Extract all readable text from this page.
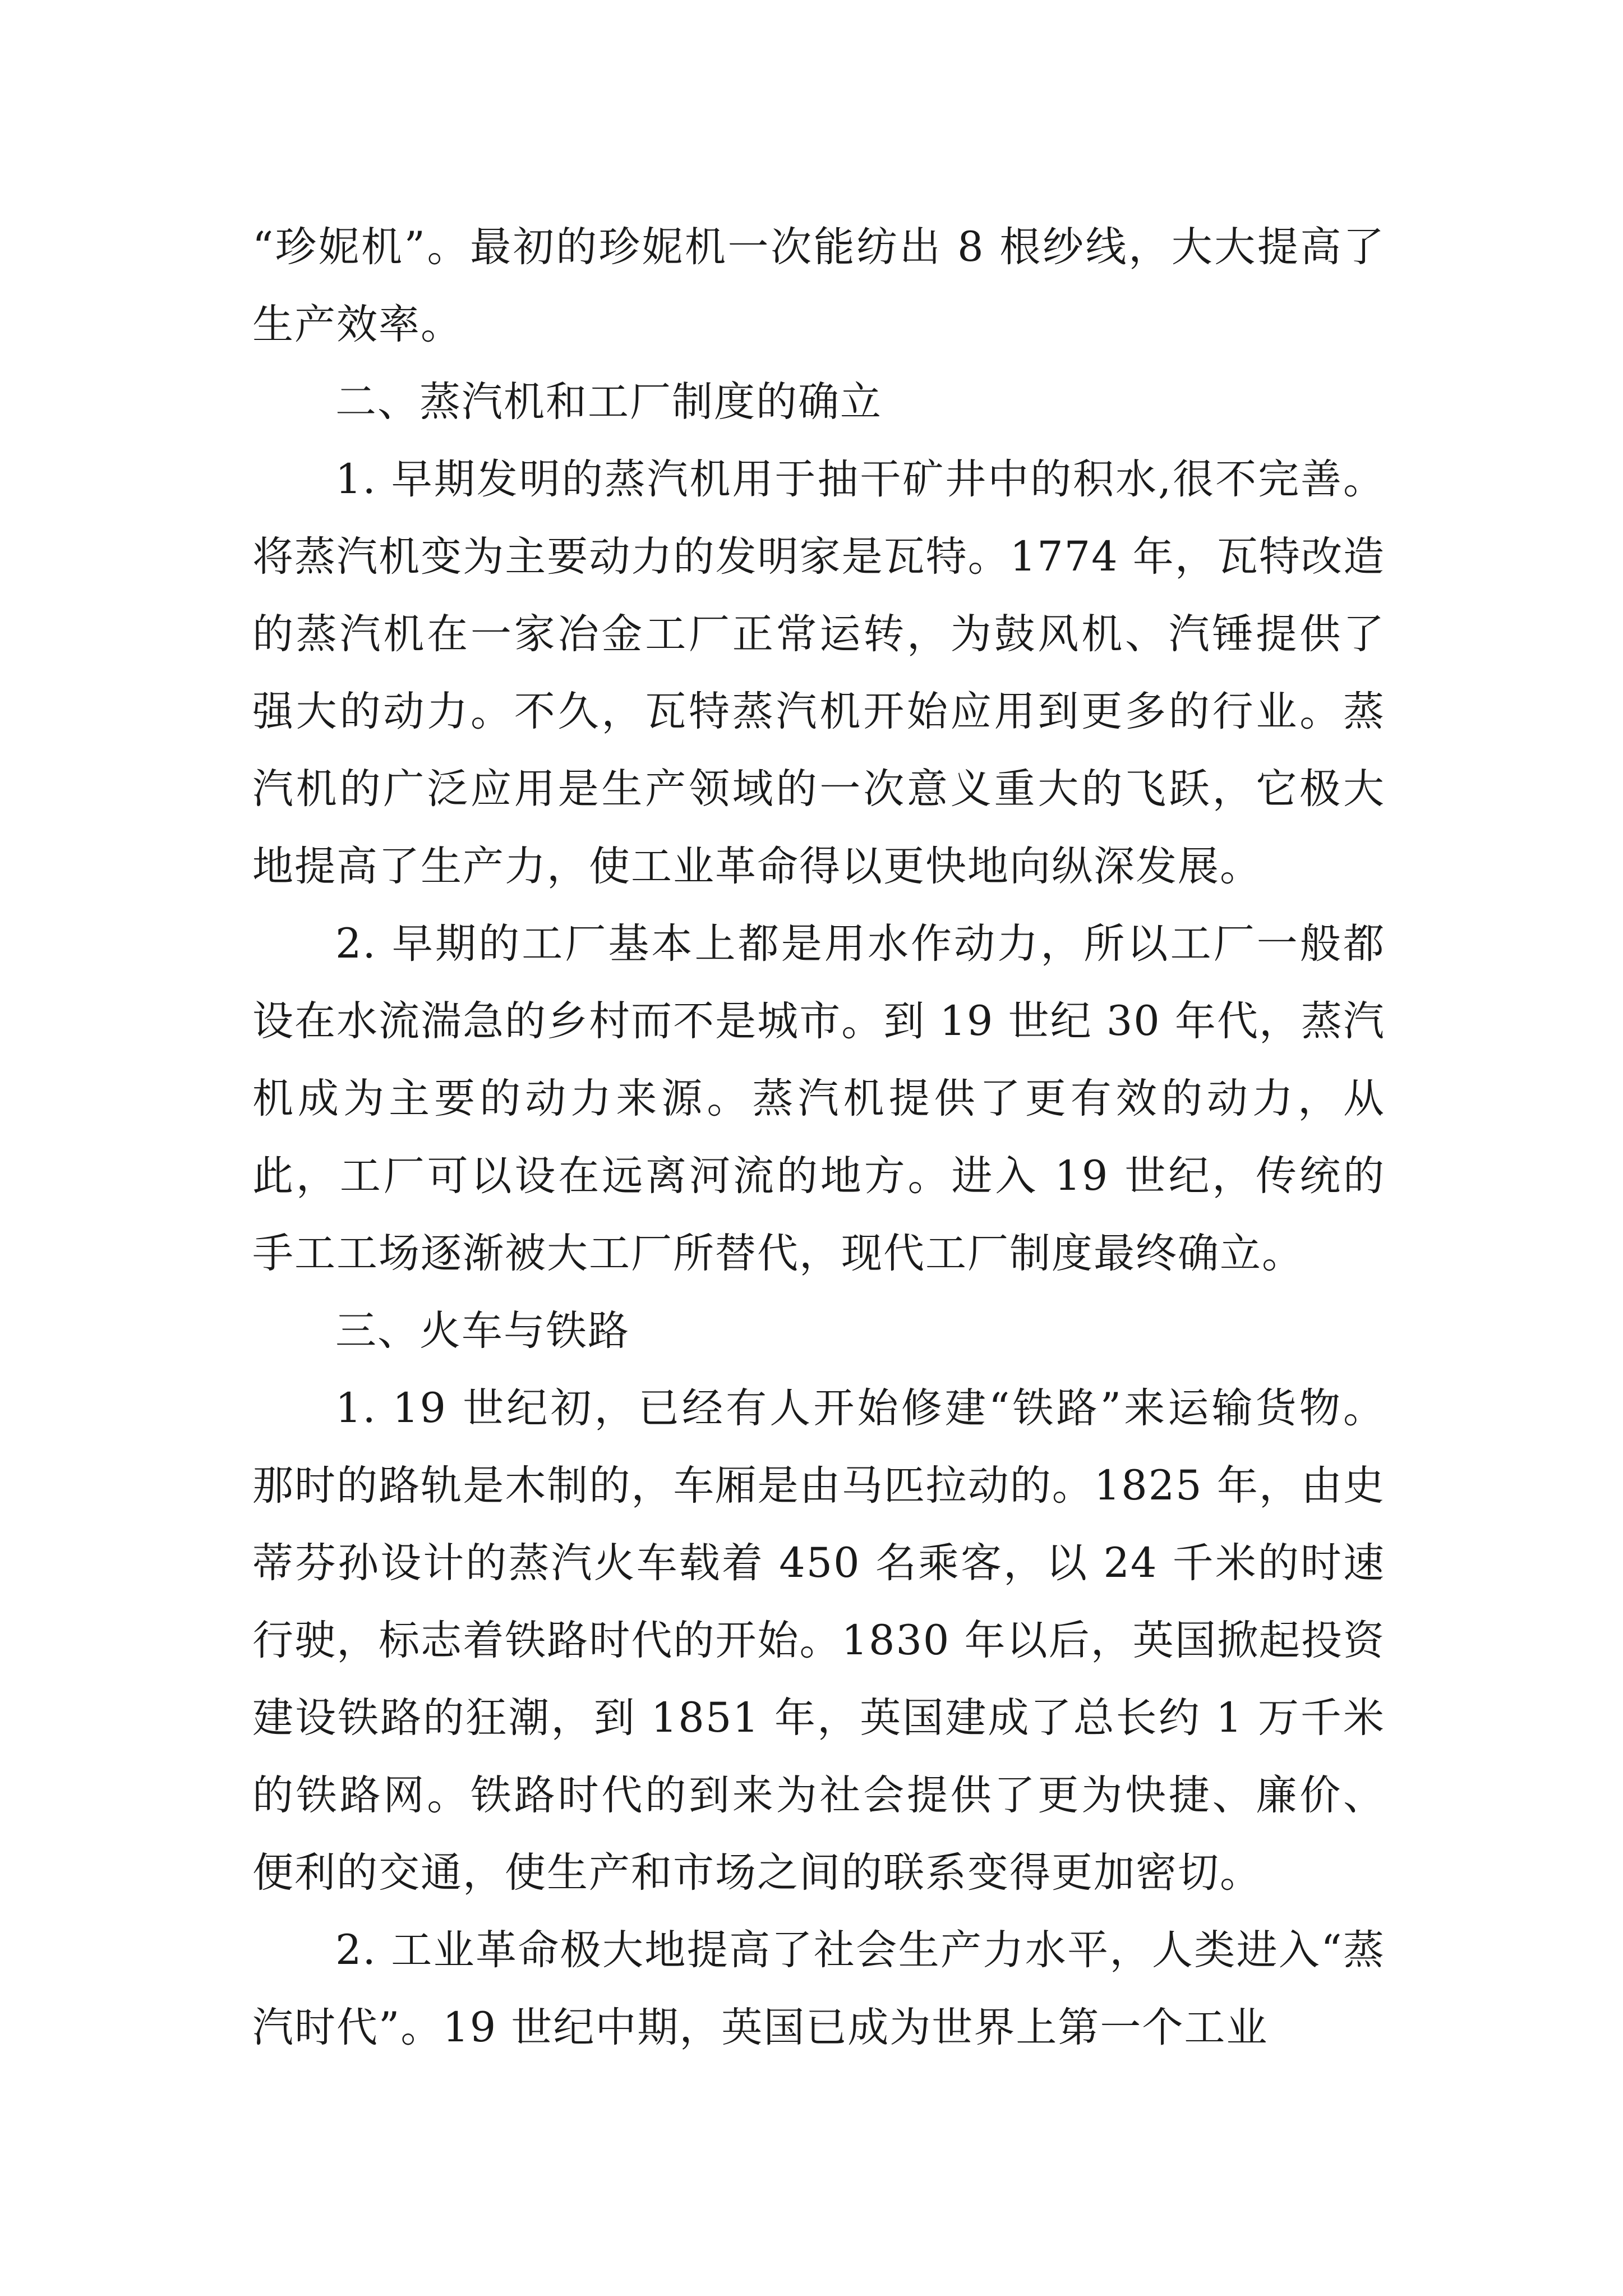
“珍妮机”。最初的珍妮机一次能纺出 8 根纱线，大大提高了生产效率。

二、蒸汽机和工厂制度的确立

1. 早期发明的蒸汽机用于抽干矿井中的积水,很不完善。将蒸汽机变为主要动力的发明家是瓦特。1774 年，瓦特改造的蒸汽机在一家冶金工厂正常运转，为鼓风机、汽锤提供了强大的动力。不久，瓦特蒸汽机开始应用到更多的行业。蒸汽机的广泛应用是生产领域的一次意义重大的飞跃，它极大地提高了生产力，使工业革命得以更快地向纵深发展。

2. 早期的工厂基本上都是用水作动力，所以工厂一般都设在水流湍急的乡村而不是城市。到 19 世纪 30 年代，蒸汽机成为主要的动力来源。蒸汽机提供了更有效的动力，从此，工厂可以设在远离河流的地方。进入 19 世纪，传统的手工工场逐渐被大工厂所替代，现代工厂制度最终确立。

三、火车与铁路

1. 19 世纪初，已经有人开始修建“铁路”来运输货物。那时的路轨是木制的，车厢是由马匹拉动的。1825 年，由史蒂芬孙设计的蒸汽火车载着 450 名乘客，以 24 千米的时速行驶，标志着铁路时代的开始。1830 年以后，英国掀起投资建设铁路的狂潮，到 1851 年，英国建成了总长约 1 万千米的铁路网。铁路时代的到来为社会提供了更为快捷、廉价、便利的交通，使生产和市场之间的联系变得更加密切。

2. 工业革命极大地提高了社会生产力水平，人类进入“蒸汽时代”。19 世纪中期，英国已成为世界上第一个工业
